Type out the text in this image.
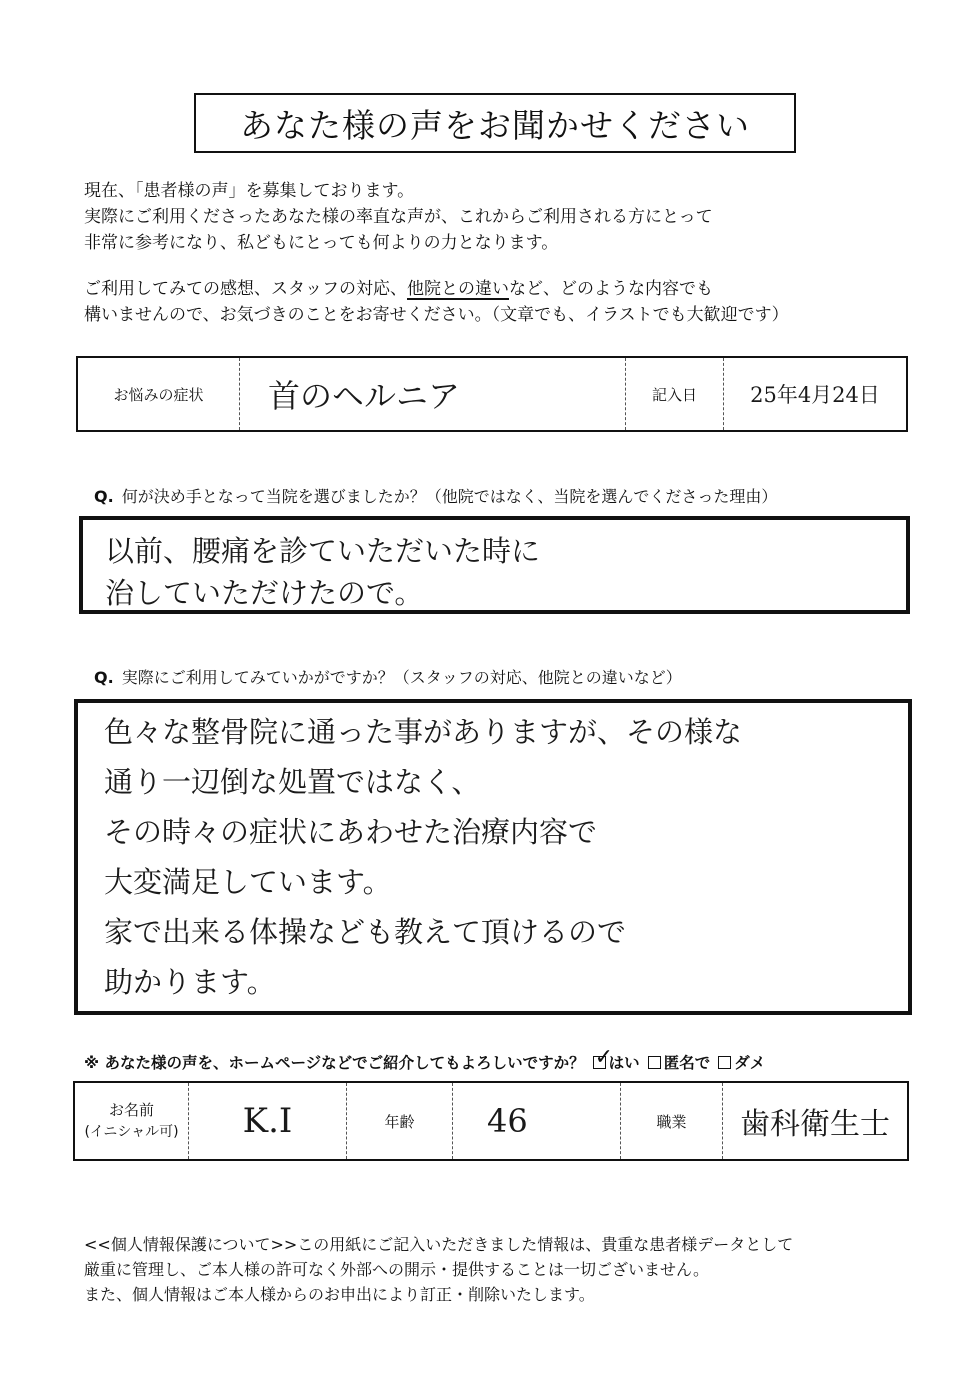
あなた様の声をお聞かせください

現在、「患者様の声」を募集しております。

実際にご利用くださったあなた様の率直な声が、これからご利用される方にとって

非常に参考になり、私どもにとっても何よりの力となります。

ご利用してみての感想、スタッフの対応、他院との違いなど、どのような内容でも

構いませんので、お気づきのことをお寄せください。（文章でも、イラストでも大歓迎です）

お悩みの症状	首のヘルニア	記入日	25年4月24日
Q. 何が決め手となって当院を選びましたか？（他院ではなく、当院を選んでくださった理由）

以前、腰痛を診ていただいた時に

治していただけたので。

Q. 実際にご利用してみていかがですか？（スタッフの対応、他院との違いなど）

色々な整骨院に通った事がありますが、その様な

通り一辺倒な処置ではなく、

その時々の症状にあわせた治療内容で

大変満足しています。

家で出来る体操なども教えて頂けるので

助かります。

※ あなた様の声を、ホームページなどでご紹介してもよろしいですか？ ✓
はい 匿名で ダメ
お名前
(イニシャル可)	K.I	年齢	46	職業	歯科衛生士

<<個人情報保護について>>この用紙にご記入いただきました情報は、貴重な患者様データとして

厳重に管理し、ご本人様の許可なく外部への開示・提供することは一切ございません。

また、個人情報はご本人様からのお申出により訂正・削除いたします。
